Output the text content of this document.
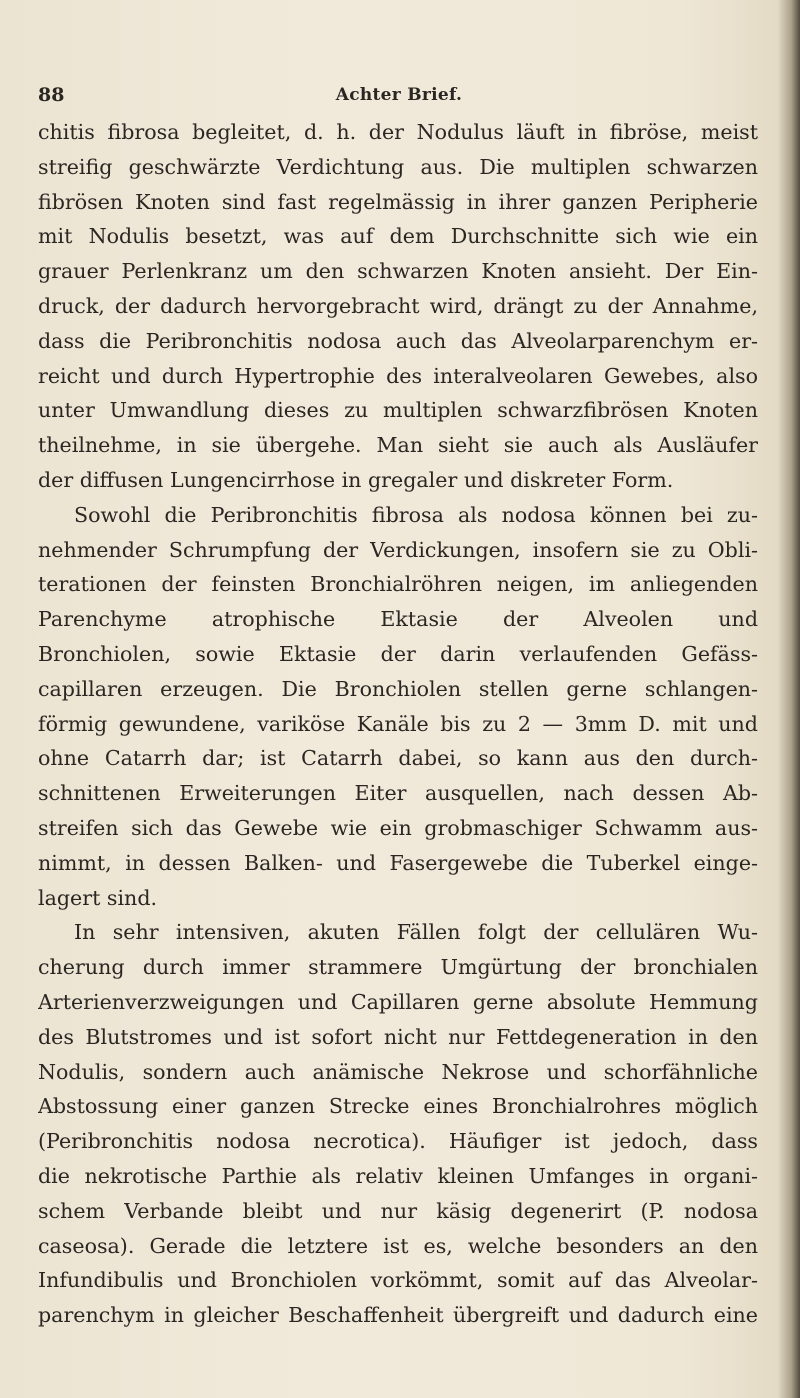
88	Achter Brief.
chitis fibrosa begleitet, d. h. der Nodulus läuft in fibröse, meist
streifig geschwärzte Verdichtung aus. Die multiplen schwarzen
fibrösen Knoten sind fast regelmässig in ihrer ganzen Peripherie
mit Nodulis besetzt, was auf dem Durchschnitte sich wie ein
grauer Perlenkranz um den schwarzen Knoten ansieht. Der Ein-
druck, der dadurch hervorgebracht wird, drängt zu der Annahme,
dass die Peribronchitis nodosa auch das Alveolarparenchym er-
reicht und durch Hypertrophie des interalveolaren Gewebes, also
unter Umwandlung dieses zu multiplen schwarzfibrösen Knoten
theilnehme, in sie übergehe. Man sieht sie auch als Ausläufer
der diffusen Lungencirrhose in gregaler und diskreter Form.
Sowohl die Peribronchitis fibrosa als nodosa können bei zu-
nehmender Schrumpfung der Verdickungen, insofern sie zu Obli-
terationen der feinsten Bronchialröhren neigen, im anliegenden
Parenchyme atrophische Ektasie der Alveolen und
Bronchiolen, sowie Ektasie der darin verlaufenden Gefäss-
capillaren erzeugen. Die Bronchiolen stellen gerne schlangen-
förmig gewundene, variköse Kanäle bis zu 2 — 3mm D. mit und
ohne Catarrh dar; ist Catarrh dabei, so kann aus den durch-
schnittenen Erweiterungen Eiter ausquellen, nach dessen Ab-
streifen sich das Gewebe wie ein grobmaschiger Schwamm aus-
nimmt, in dessen Balken- und Fasergewebe die Tuberkel einge-
lagert sind.
In sehr intensiven, akuten Fällen folgt der cellulären Wu-
cherung durch immer strammere Umgürtung der bronchialen
Arterienverzweigungen und Capillaren gerne absolute Hemmung
des Blutstromes und ist sofort nicht nur Fettdegeneration in den
Nodulis, sondern auch anämische Nekrose und schorfähnliche
Abstossung einer ganzen Strecke eines Bronchialrohres möglich
(Peribronchitis nodosa necrotica). Häufiger ist jedoch, dass
die nekrotische Parthie als relativ kleinen Umfanges in organi-
schem Verbande bleibt und nur käsig degenerirt (P. nodosa
caseosa). Gerade die letztere ist es, welche besonders an den
Infundibulis und Bronchiolen vorkömmt, somit auf das Alveolar-
parenchym in gleicher Beschaffenheit übergreift und dadurch eine
